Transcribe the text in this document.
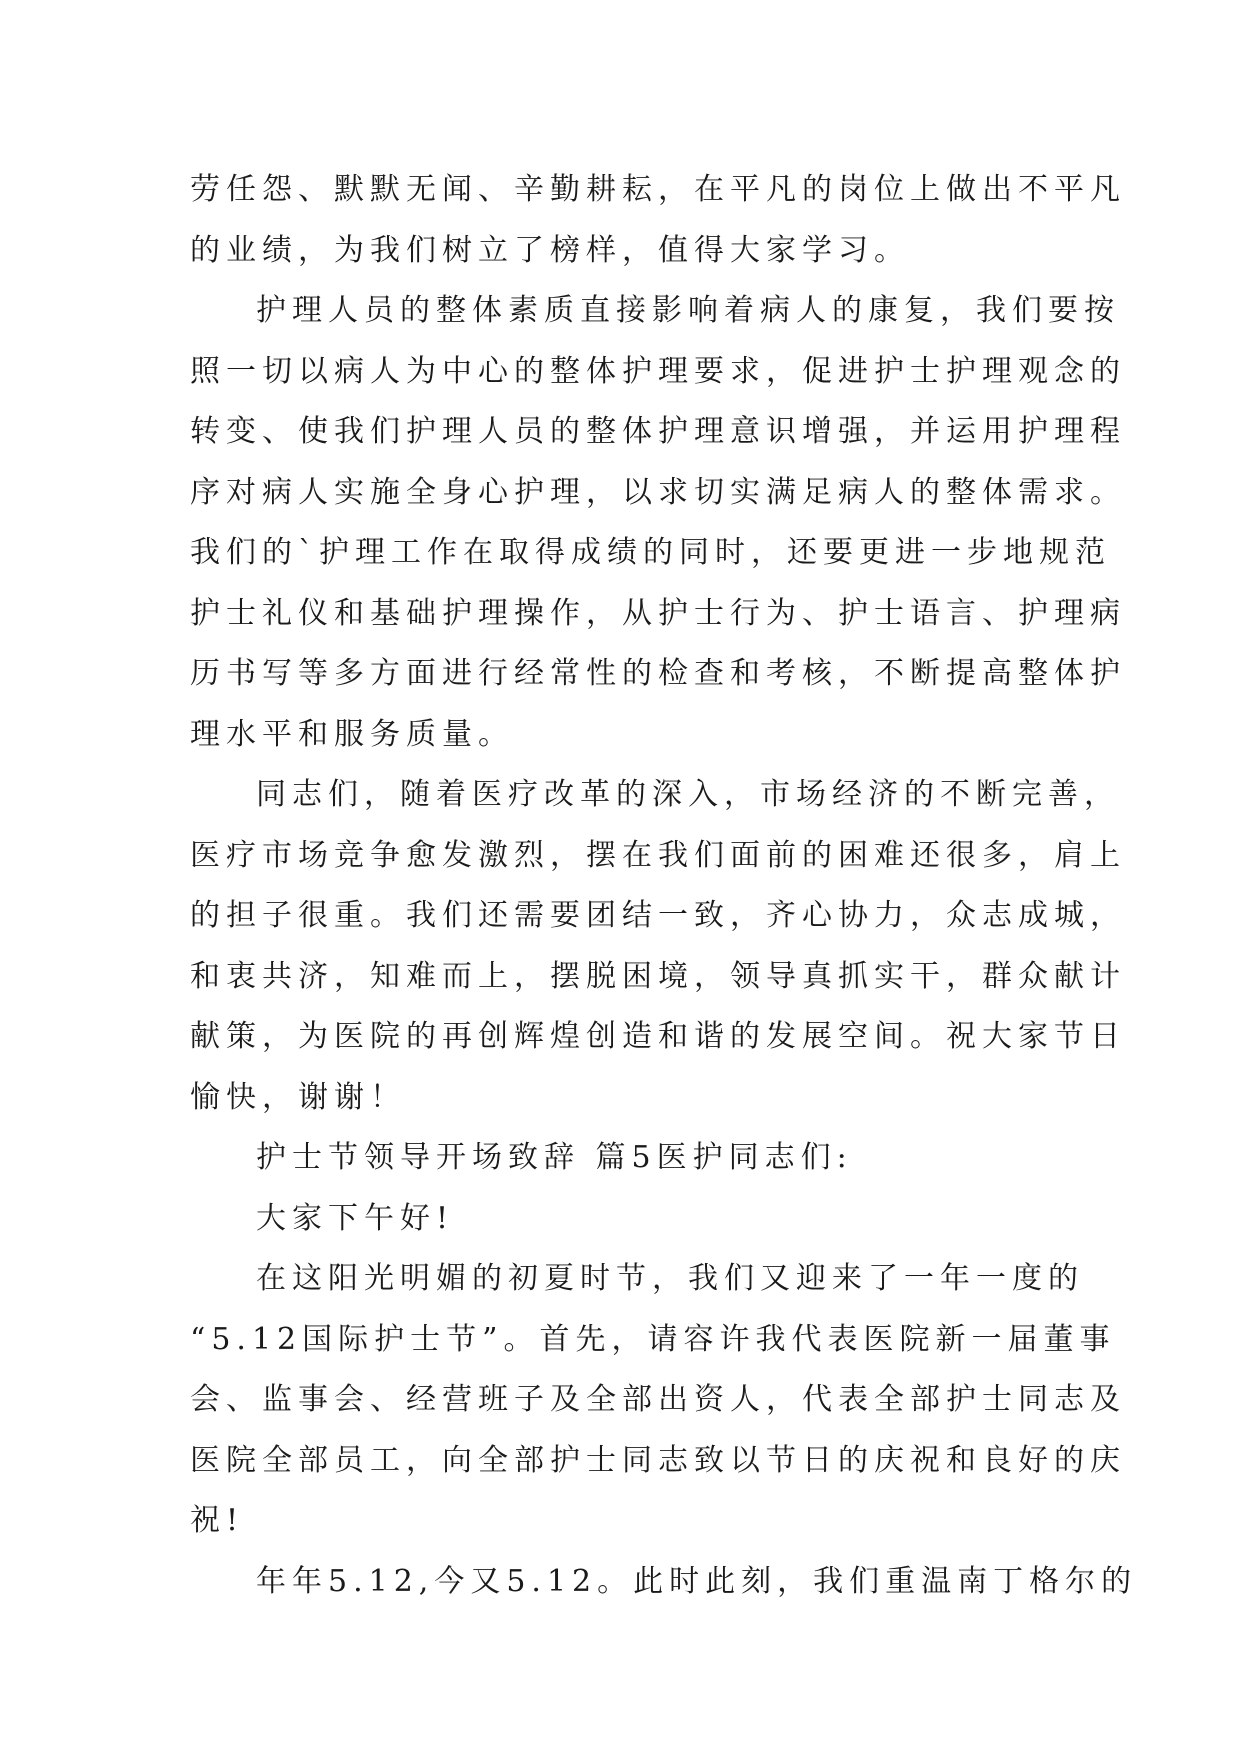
劳任怨、默默无闻、辛勤耕耘，在平凡的岗位上做出不平凡
的业绩，为我们树立了榜样，值得大家学习。
护理人员的整体素质直接影响着病人的康复，我们要按
照一切以病人为中心的整体护理要求，促进护士护理观念的
转变、使我们护理人员的整体护理意识增强，并运用护理程
序对病人实施全身心护理，以求切实满足病人的整体需求。
我们的`护理工作在取得成绩的同时，还要更进一步地规范
护士礼仪和基础护理操作，从护士行为、护士语言、护理病
历书写等多方面进行经常性的检查和考核，不断提高整体护
理水平和服务质量。
同志们，随着医疗改革的深入，市场经济的不断完善，
医疗市场竞争愈发激烈，摆在我们面前的困难还很多，肩上
的担子很重。我们还需要团结一致，齐心协力，众志成城，
和衷共济，知难而上，摆脱困境，领导真抓实干，群众献计
献策，为医院的再创辉煌创造和谐的发展空间。祝大家节日
愉快，谢谢！
护士节领导开场致辞 篇5医护同志们:
大家下午好!
在这阳光明媚的初夏时节，我们又迎来了一年一度的
“5.12国际护士节”。首先，请容许我代表医院新一届董事
会、监事会、经营班子及全部出资人，代表全部护士同志及
医院全部员工，向全部护士同志致以节日的庆祝和良好的庆
祝!
年年5.12,今又5.12。此时此刻，我们重温南丁格尔的
